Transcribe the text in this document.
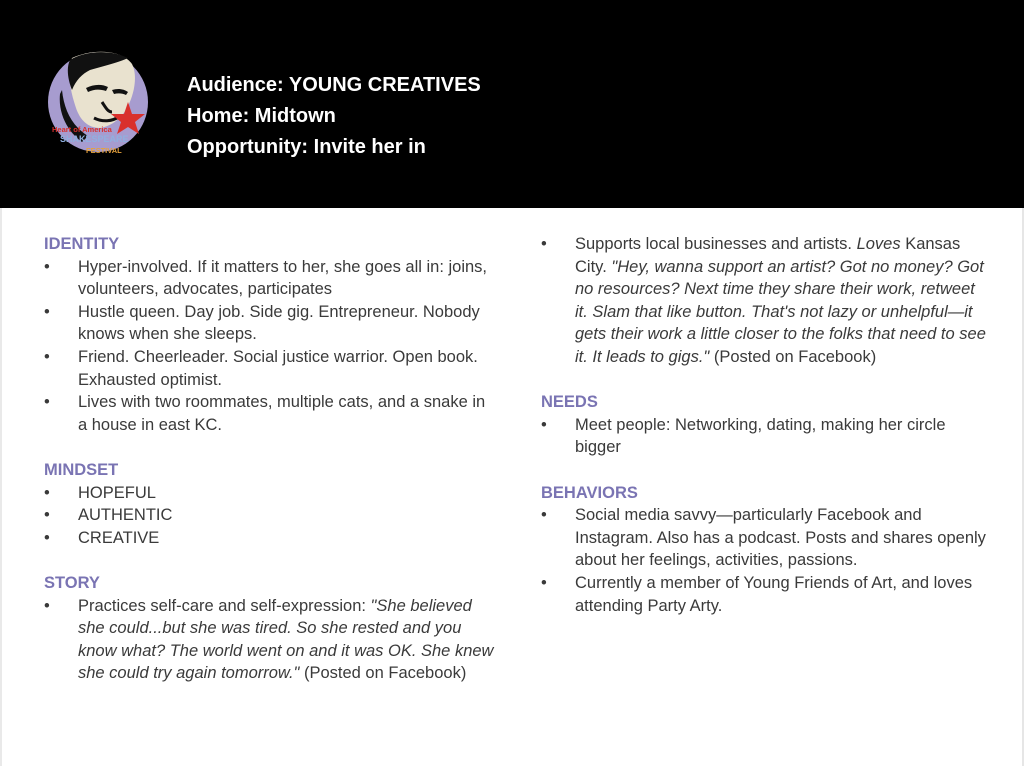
Heart of America
SHAKESPEARE
FESTIVAL
Audience: YOUNG CREATIVES
Home: Midtown
Opportunity: Invite her in
IDENTITY
• Hyper-involved. If it matters to her, she goes all in: joins, volunteers, advocates, participates
• Hustle queen. Day job. Side gig. Entrepreneur. Nobody knows when she sleeps.
• Friend. Cheerleader. Social justice warrior. Open book. Exhausted optimist.
• Lives with two roommates, multiple cats, and a snake in a house in east KC.
MINDSET
• HOPEFUL
• AUTHENTIC
• CREATIVE
STORY
• Practices self-care and self-expression: "She believed she could...but she was tired. So she rested and you know what? The world went on and it was OK. She knew she could try again tomorrow." (Posted on Facebook)
• Supports local businesses and artists. Loves Kansas City. "Hey, wanna support an artist? Got no money? Got no resources? Next time they share their work, retweet it. Slam that like button. That's not lazy or unhelpful—it gets their work a little closer to the folks that need to see it. It leads to gigs." (Posted on Facebook)
NEEDS
• Meet people: Networking, dating, making her circle bigger
BEHAVIORS
• Social media savvy—particularly Facebook and Instagram. Also has a podcast. Posts and shares openly about her feelings, activities, passions.
• Currently a member of Young Friends of Art, and loves attending Party Arty.
